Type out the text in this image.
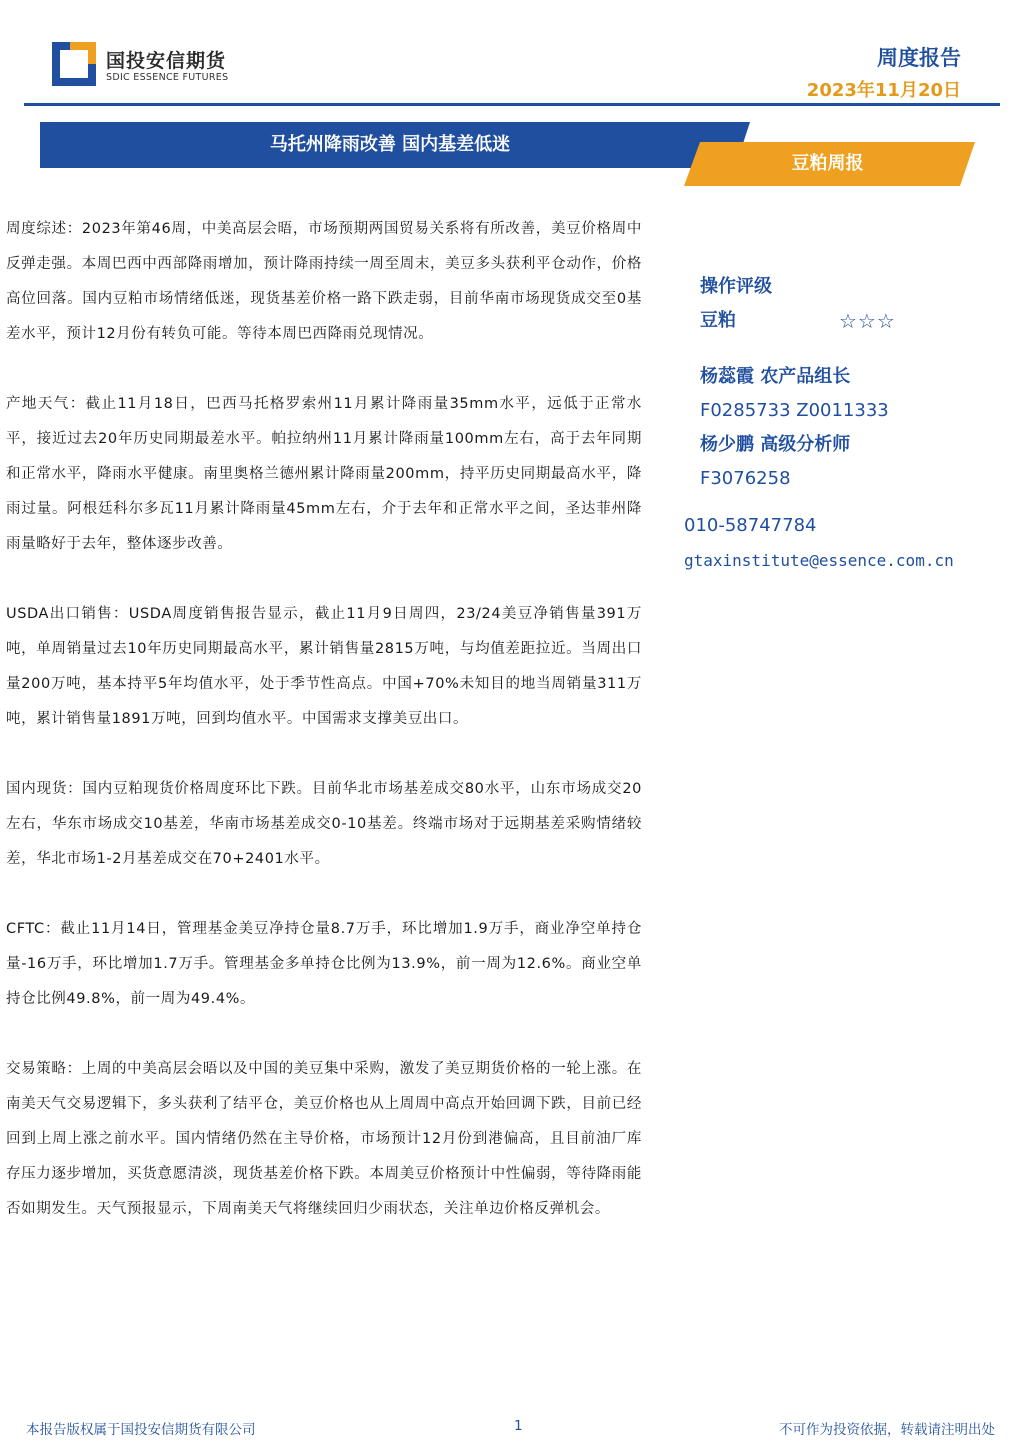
国投安信期货
SDIC ESSENCE FUTURES
周度报告
2023年11月20日
马托州降雨改善 国内基差低迷
豆粕周报

周度综述：2023年第46周，中美高层会晤，市场预期两国贸易关系将有所改善，美豆价格周中反弹走强。本周巴西中西部降雨增加，预计降雨持续一周至周末，美豆多头获利平仓动作，价格高位回落。国内豆粕市场情绪低迷，现货基差价格一路下跌走弱，目前华南市场现货成交至0基差水平，预计12月份有转负可能。等待本周巴西降雨兑现情况。

产地天气：截止11月18日，巴西马托格罗索州11月累计降雨量35mm水平，远低于正常水平，接近过去20年历史同期最差水平。帕拉纳州11月累计降雨量100mm左右，高于去年同期和正常水平，降雨水平健康。南里奥格兰德州累计降雨量200mm，持平历史同期最高水平，降雨过量。阿根廷科尔多瓦11月累计降雨量45mm左右，介于去年和正常水平之间，圣达菲州降雨量略好于去年，整体逐步改善。

USDA出口销售：USDA周度销售报告显示，截止11月9日周四，23/24美豆净销售量391万吨，单周销量过去10年历史同期最高水平，累计销售量2815万吨，与均值差距拉近。当周出口量200万吨，基本持平5年均值水平，处于季节性高点。中国+70%未知目的地当周销量311万吨，累计销售量1891万吨，回到均值水平。中国需求支撑美豆出口。

国内现货：国内豆粕现货价格周度环比下跌。目前华北市场基差成交80水平，山东市场成交20左右，华东市场成交10基差，华南市场基差成交0-10基差。终端市场对于远期基差采购情绪较差，华北市场1-2月基差成交在70+2401水平。

CFTC：截止11月14日，管理基金美豆净持仓量8.7万手，环比增加1.9万手，商业净空单持仓量-16万手，环比增加1.7万手。管理基金多单持仓比例为13.9%，前一周为12.6%。商业空单持仓比例49.8%，前一周为49.4%。

交易策略：上周的中美高层会晤以及中国的美豆集中采购，激发了美豆期货价格的一轮上涨。在南美天气交易逻辑下，多头获利了结平仓，美豆价格也从上周周中高点开始回调下跌，目前已经回到上周上涨之前水平。国内情绪仍然在主导价格，市场预计12月份到港偏高，且目前油厂库存压力逐步增加，买货意愿清淡，现货基差价格下跌。本周美豆价格预计中性偏弱，等待降雨能否如期发生。天气预报显示，下周南美天气将继续回归少雨状态，关注单边价格反弹机会。

操作评级
豆粕	☆☆☆
杨蕊霞 农产品组长
F0285733 Z0011333
杨少鹏 高级分析师
F3076258
010-58747784
gtaxinstitute@essence.com.cn
本报告版权属于国投安信期货有限公司	1	不可作为投资依据，转载请注明出处
